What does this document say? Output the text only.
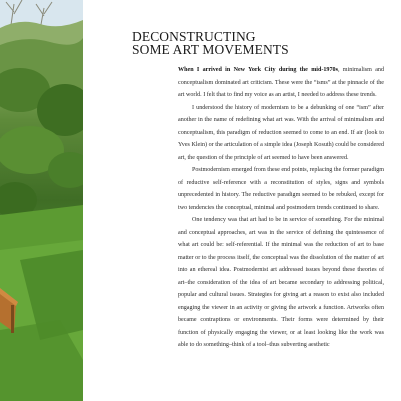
DECONSTRUCTING
SOME ART MOVEMENTS

When I arrived in New York City during the mid-1970s, minimalism and conceptualism dominated art criticism. These were the “isms” at the pinnacle of the art world. I felt that to find my voice as an artist, I needed to address these trends.

I understood the history of modernism to be a debunking of one “ism” after another in the name of redefining what art was. With the arrival of minimalism and conceptualism, this paradigm of reduction seemed to come to an end. If air (look to Yves Klein) or the articulation of a simple idea (Joseph Kosuth) could be considered art, the question of the principle of art seemed to have been answered.

Postmodernism emerged from these end points, replacing the former paradigm of reductive self-reference with a reconstitution of styles, signs and symbols unprecedented in history. The reductive paradigm seemed to be rebuked, except for two tendencies the conceptual, minimal and postmodern trends continued to share.

One tendency was that art had to be in service of something. For the minimal and conceptual approaches, art was in the service of defining the quintessence of what art could be: self-referential. If the minimal was the reduction of art to base matter or to the process itself, the conceptual was the dissolution of the matter of art into an ethereal idea. Postmodernist art addressed issues beyond these theories of art–the consideration of the idea of art became secondary to addressing political, popular and cultural issues. Strategies for giving art a reason to exist also included engaging the viewer in an activity or giving the artwork a function. Artworks often became contraptions or environments. Their forms were determined by their function of physically engaging the viewer, or at least looking like the work was able to do something–think of a tool–thus subverting aesthetic
